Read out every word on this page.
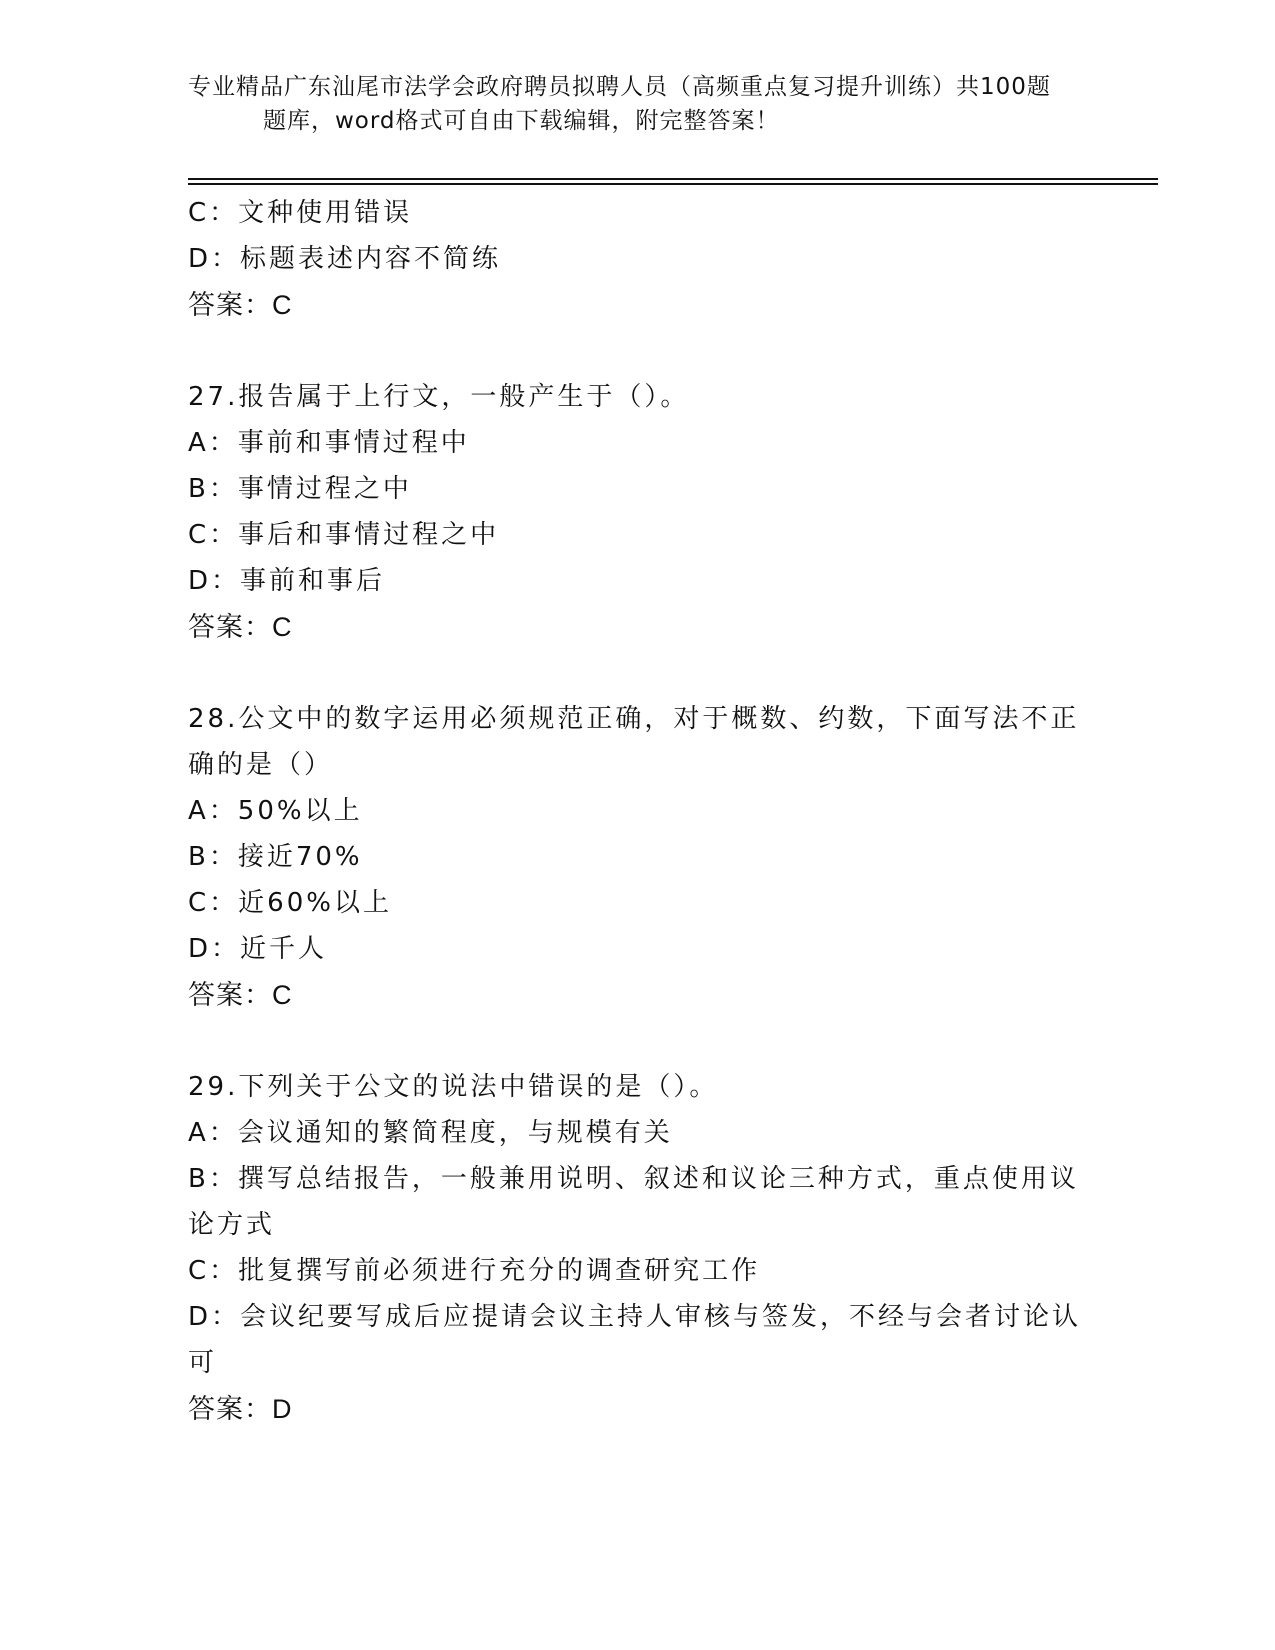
专业精品广东汕尾市法学会政府聘员拟聘人员（高频重点复习提升训练）共100题
题库，word格式可自由下载编辑，附完整答案！
C：文种使用错误
D：标题表述内容不简练
答案：C
27.报告属于上行文，一般产生于（）。
A：事前和事情过程中
B：事情过程之中
C：事后和事情过程之中
D：事前和事后
答案：C
28.公文中的数字运用必须规范正确，对于概数、约数，下面写法不正
确的是（）
A：50%以上
B：接近70%
C：近60%以上
D：近千人
答案：C
29.下列关于公文的说法中错误的是（）。
A：会议通知的繁简程度，与规模有关
B：撰写总结报告，一般兼用说明、叙述和议论三种方式，重点使用议
论方式
C：批复撰写前必须进行充分的调查研究工作
D：会议纪要写成后应提请会议主持人审核与签发，不经与会者讨论认
可
答案：D
